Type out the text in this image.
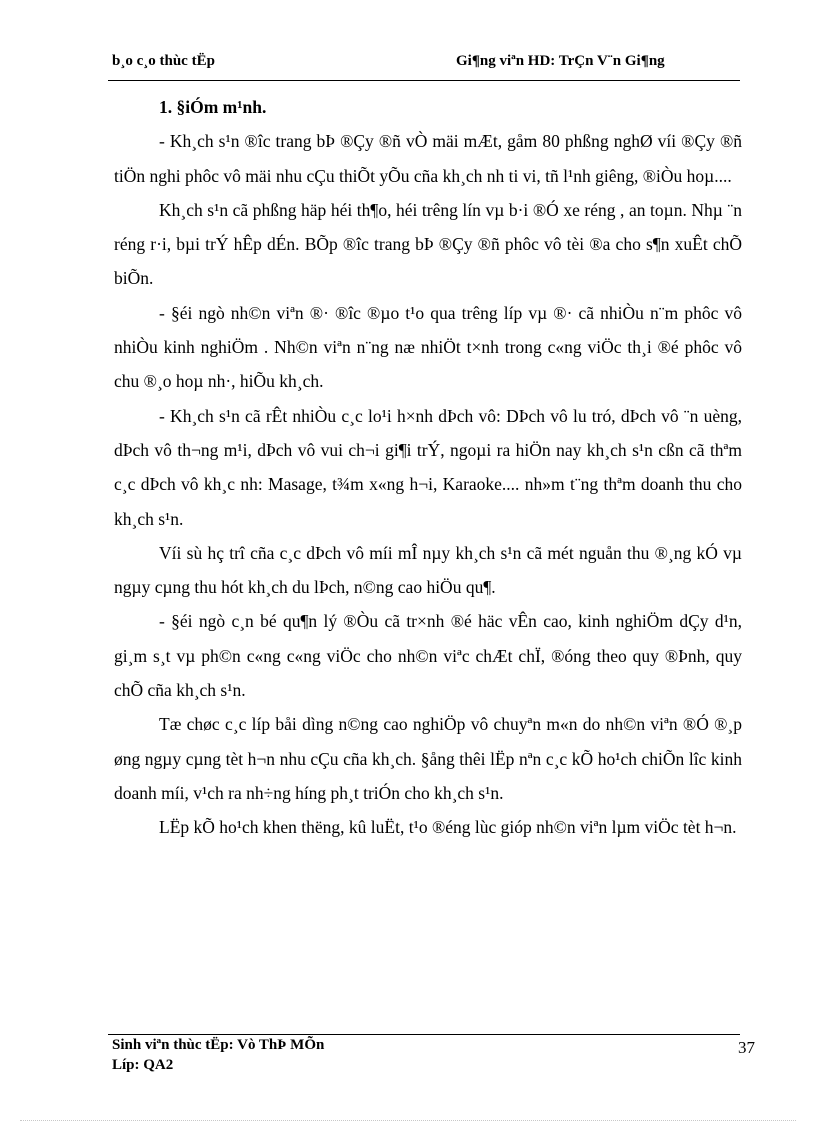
b¸o c¸o thùc tËp	Gi¶ng viªn HD: TrÇn V¨n Gi¶ng
1. §iÓm m¹nh.

- Kh¸ch s¹n ®îc trang bÞ ®Çy ®ñ vÒ mäi mÆt, gåm 80 phßng nghØ víi ®Çy ®ñ tiÖn nghi phôc vô mäi nhu cÇu thiÕt yÕu cña kh¸ch nh ti vi, tñ l¹nh giêng, ®iÒu hoµ....

Kh¸ch s¹n cã phßng häp héi th¶o, héi trêng lín vµ b·i ®Ó xe réng , an toµn. Nhµ ¨n réng r·i, bµi trÝ hÊp dÉn. BÕp ®îc trang bÞ ®Çy ®ñ phôc vô tèi ®a cho s¶n xuÊt chÕ biÕn.

- §éi ngò nh©n viªn ®· ®îc ®µo t¹o qua trêng líp vµ ®· cã nhiÒu n¨m phôc vô nhiÒu kinh nghiÖm . Nh©n viªn n¨ng næ nhiÖt t×nh trong c«ng viÖc th¸i ®é phôc vô chu ®¸o hoµ nh·, hiÕu kh¸ch.

- Kh¸ch s¹n cã rÊt nhiÒu c¸c lo¹i h×nh dÞch vô: DÞch vô lu tró, dÞch vô ¨n uèng, dÞch vô th¬ng m¹i, dÞch vô vui ch¬i gi¶i trÝ, ngoµi ra hiÖn nay kh¸ch s¹n cßn cã thªm c¸c dÞch vô kh¸c nh: Masage, t¾m x«ng h¬i, Karaoke.... nh»m t¨ng thªm doanh thu cho kh¸ch s¹n.

Víi sù hç trî cña c¸c dÞch vô míi mÎ nµy kh¸ch s¹n cã mét nguån thu ®¸ng kÓ vµ ngµy cµng thu hót kh¸ch du lÞch, n©ng cao hiÖu qu¶.

- §éi ngò c¸n bé qu¶n lý ®Òu cã tr×nh ®é häc vÊn cao, kinh nghiÖm dÇy d¹n, gi¸m s¸t vµ ph©n c«ng c«ng viÖc cho nh©n viªc chÆt chÏ, ®óng theo quy ®Þnh, quy chÕ cña kh¸ch s¹n.

Tæ chøc c¸c líp båi dìng n©ng cao nghiÖp vô chuyªn m«n do nh©n viªn ®Ó ®¸p øng ngµy cµng tèt h¬n nhu cÇu cña kh¸ch. §ång thêi lËp nªn c¸c kÕ ho¹ch chiÕn lîc kinh doanh míi, v¹ch ra nh÷ng híng ph¸t triÓn cho kh¸ch s¹n.

LËp kÕ ho¹ch khen thëng, kû luËt, t¹o ®éng lùc gióp nh©n viªn lµm viÖc tèt h¬n.

Sinh viªn thùc tËp: Vò ThÞ MÕn
Líp: QA2
37
